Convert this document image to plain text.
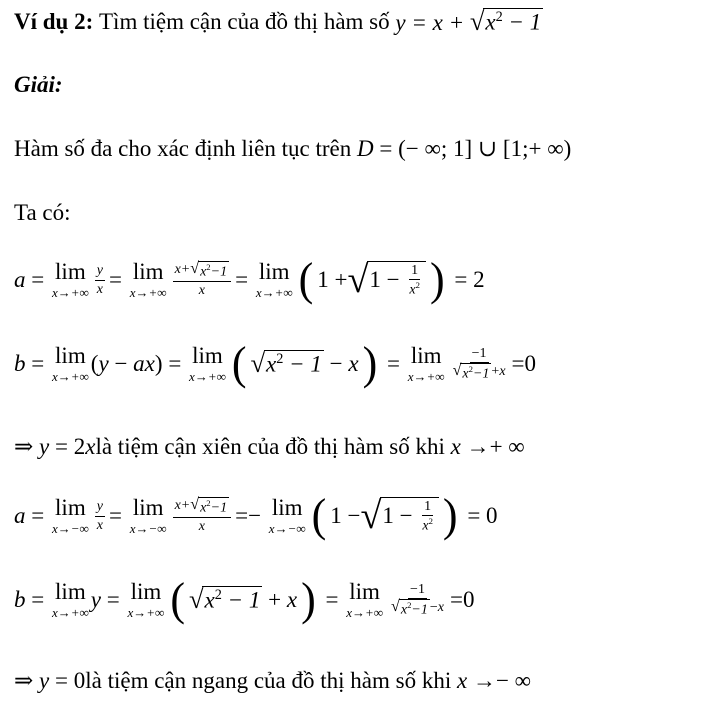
Ví dụ 2: Tìm tiệm cận của đồ thị hàm số y = x + √ $x^2 - 1$
Giải:
Hàm số đa cho xác định liên tục trên D = (− ∞; 1] ∪ [1;+ ∞)
Ta có:
a = lim
$x\to+\infty \frac{y}{x} = \lim$
$x\to+\infty \frac{x+ √ x^2-1}{x} = \lim$
x→+∞ ( 1 + √ $1 - \frac{1}{x^2}$ ) = 2
b = lim
x→+∞
( y − ax ) = lim
x→+∞ ( √ $x^2 - 1 - x$ ) = lim
$x\to+\infty \frac{-1}{√ x^2-1 +x} =0$
⇒
y = 2 x là tiệm cận xiên của đồ thị hàm số khi x
→+ ∞
a = lim
$x\to-\infty \frac{y}{x} = \lim$
$x\to-\infty \frac{x+ √ x^2-1}{x} =- \lim$
x→−∞ ( 1 − √ $1 - \frac{1}{x^2}$ ) = 0
b = lim
x→+∞
y = lim
x→+∞ ( √ $x^2 - 1 + x$ ) = lim
$x\to+\infty \frac{-1}{√ x^2-1 -x} =0$
⇒
y = 0 là tiệm cận ngang của đồ thị hàm số khi x
→− ∞
